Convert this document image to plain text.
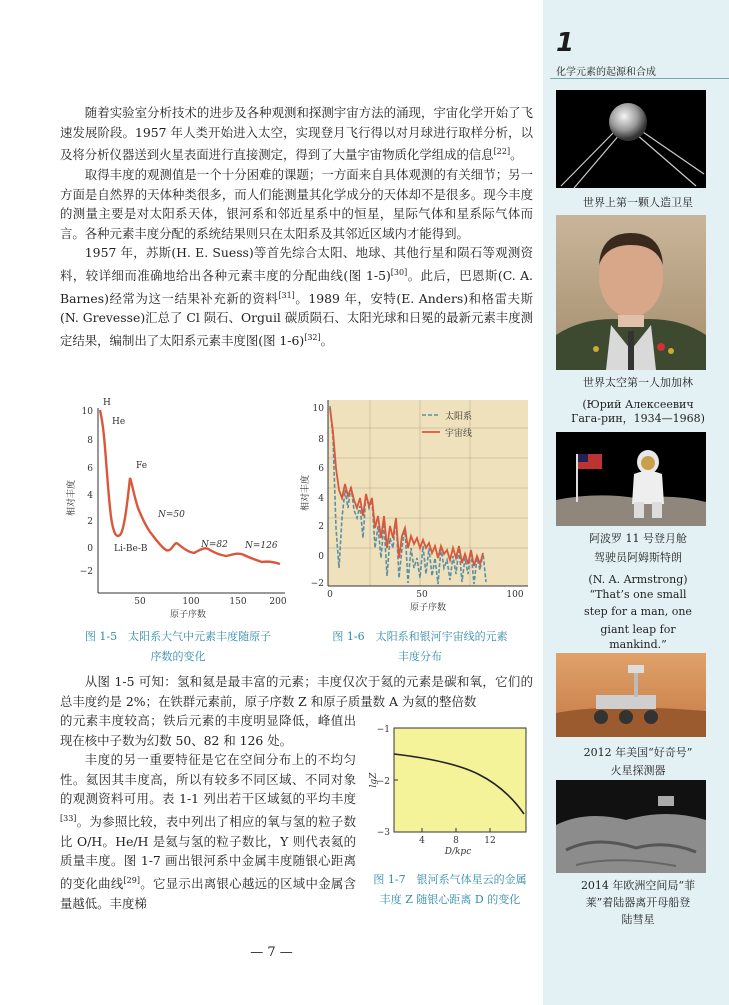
1
化学元素的起源和合成
世界上第一颗人造卫星
世界太空第一人加加林
(Юрий Алексеевич
Гага-рин，1934—1968)
阿波罗 11 号登月舱
驾驶员阿姆斯特朗
(N. A. Armstrong)
“That’s one small
step for a man, one
giant leap for
mankind.”
2012 年美国“好奇号”
火星探测器
2014 年欧洲空间局“菲
莱”着陆器离开母船登
陆彗星

随着实验室分析技术的进步及各种观测和探测宇宙方法的涌现，宇宙化学开始了飞速发展阶段。1957 年人类开始进入太空，实现登月飞行得以对月球进行取样分析，以及将分析仪器送到火星表面进行直接测定，得到了大量宇宙物质化学组成的信息[22]。

取得丰度的观测值是一个十分困难的课题；一方面来自具体观测的有关细节；另一方面是自然界的天体种类很多，而人们能测量其化学成分的天体却不是很多。现今丰度的测量主要是对太阳系天体，银河系和邻近星系中的恒星，星际气体和星系际气体而言。各种元素丰度分配的系统结果则只在太阳系及其邻近区域内才能得到。

1957 年，苏斯(H. E. Suess)等首先综合太阳、地球、其他行星和陨石等观测资料，较详细而准确地给出各种元素丰度的分配曲线(图 1-5)[30]。此后，巴恩斯(C. A. Barnes)经常为这一结果补充新的资料[31]。1989 年，安特(E. Anders)和格雷夫斯(N. Grevesse)汇总了 Cl 陨石、Orguil 碳质陨石、太阳光球和日冕的最新元素丰度测定结果，编制出了太阳系元素丰度图(图 1-6)[32]。

10
8
6
4
2
0
−2
50	100	150	200
相对丰度
原子序数
H
He
Fe
Li-Be-B
N=50
N=82 N=126
图 1-5　太阳系大气中元素丰度随原子
序数的变化
10
8
6
4
2
0
−2
0	50	100
相对丰度
原子序数
太阳系
宇宙线
图 1-6　太阳系和银河宇宙线的元素
丰度分布

从图 1-5 可知：氢和氦是最丰富的元素；丰度仅次于氦的元素是碳和氧，它们的总丰度约是 2%；在铁群元素前，原子序数 Z 和原子质量数 A 为氦的整倍数

的元素丰度较高；铁后元素的丰度明显降低，峰值出现在核中子数为幻数 50、82 和 126 处。

丰度的另一重要特征是它在空间分布上的不均匀性。氦因其丰度高，所以有较多不同区域、不同对象的观测资料可用。表 1-1 列出若干区域氦的平均丰度[33]。为参照比较，表中列出了相应的氧与氢的粒子数比 O/H。He/H 是氦与氢的粒子数比，Y 则代表氦的质量丰度。图 1-7 画出银河系中金属丰度随银心距离的变化曲线[29]。它显示出离银心越远的区域中金属含量越低。丰度梯

−1
−2
−3
4	8	12
lgZ
D/kpc
图 1-7　银河系气体星云的金属
丰度 Z 随银心距离 D 的变化
— 7 —
